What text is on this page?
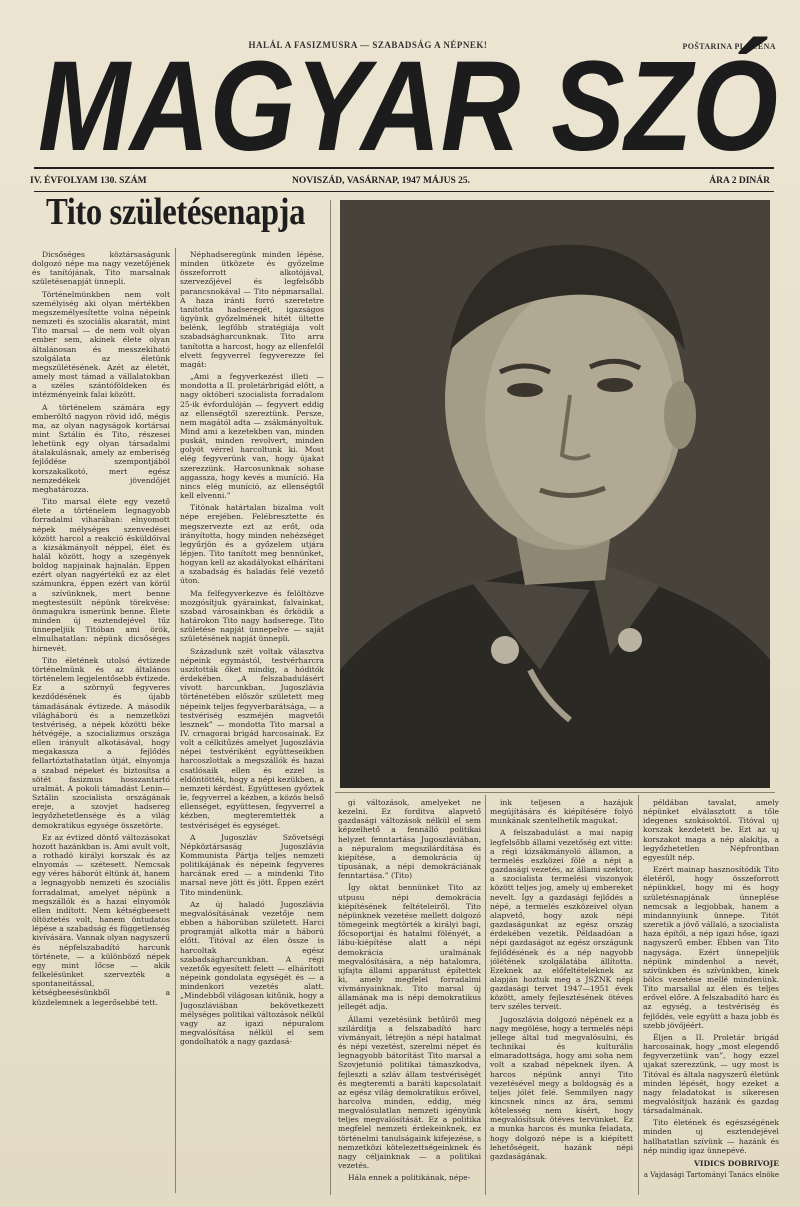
HALÁL A FASIZMUSRA — SZABADSÁG A NÉPNEK!	POŠTARINA PLAĆENA
MAGYAR SZÓ
IV. ÉVFOLYAM 130. SZÁM	NOVISZÁD, VASÁRNAP, 1947 MÁJUS 25.	ÁRA 2 DINÁR
Tito születésenapja

Dicsőséges köztársaságunk dolgozó népe ma nagy vezetőjének és tanítójának, Tito marsalnak születésenapját ünnepli.

Történelmünkben nem volt személyiség aki olyan mértékben megszemélyesítette volna népeink nemzeti és szociális akaratát, mint Tito marsal — de nem volt olyan ember sem, akinek élete olyan általánosan és messzekiható szolgálata az életünk megszülétésének. Azét az életét, amely most támad a vállalatokban a széles szántóföldeken és intézményeink falai között.

A történelem számára egy emberöltő nagyon rövid idő, mégis ma, az olyan nagyságok kortársai mint Sztálin és Tito, részesei lehetünk egy olyan társadalmi átalakulásnak, amely az emberiség fejlődése szempontjából korszakalkotó, mert egész nemzedékek jövendőjét meghatározza.

Tito marsal élete egy vezető élete a történelem legnagyobb forradalmi viharában: elnyomott népek mélységes szenvedései között harcol a reakció ésküldőival a kizsákmányolt néppel, élet és halál között, hogy a szegények boldog napjainak hajnalán. Eppen ezért olyan nagyértékű ez az élet számunkra, éppen ezért van körül a szívünknek, mert benne megtestesült népünk törekvése: önmagukra ismerünk benne. Élete minden új esztendejével tűz ünnepeljük Titóban ami örök, elmulhatatlan: népünk dicsőséges hirnevét.

Tito életének utolsó évtizede történelmünk és az általános történelem legjelentősebb évtizede. Ez a szörnyű fegyveres kezdődésének és újabb támadásának évtizede. A második világháború és a nemzetközi testvériség, a népek közötti béke hétvégéje, a szocializmus országa ellen irányult alkotásával, hogy megakassza a fejlődés fellartóztathatatlan útját, elnyomja a szabad népeket és biztosítsa a sötét fasizmus hosszantartó uralmát. A pokoli támadást Lenin—Sztálin szocialista országának ereje, a szovjet hadsereg legyőzhetetlensége és a világ demokratikus egysége összetörte.

Ez az évtized döntő változásokat hozott hazánkban is. Ami avult volt, a rothadó királyi korszak és az elnyomás — szétesett. Nemcsak egy véres háborút éltünk át, hanem a legnagyobb nemzeti és szociális forradalmat, amelyet népünk a megszállók és a hazai elnyomók ellen indított. Nem kétségbeesett öltöztetés volt, hanem öntudatos lépése a szabadság és függetlenség kivívására. Vannak olyan nagyszerű és népfelszabadító harcunk története, — a különböző népek egy mint lőcse — akik felkelésünket szervezték a spontaneitással, kétségbeesésünkből a küzdelemnek a legerősebbé tett.

Néphadseregünk minden lépése, minden ütközete és győzelme összeforrott alkotójával, szervezőjével és legfelsőbb parancsnokával — Tito népmarsallal. A haza iránti forró szeretetre tanította hadseregét, igazságos ügyünk győzelmének hitét ültette belénk, legfőbb stratégiája volt szabadságharcunknak. Tito arra tanította a harcost, hogy az ellenfelől elvett fegyverrel fegyverezze fel magát:

„Ami a fegyverkezést illeti — mondotta a II. proletárbrigád előtt, a nagy októberi szocialista forradalom 25-ik évfordulóján — fegyvert eddig az ellenségtől szereztünk. Persze, nem magától adta — zsákmányoltuk. Mind ami a kezetekben van, minden puskát, minden revolvert, minden golyót vérrel harcoltunk ki. Most elég fegyverünk van, hogy újakat szerezzünk. Harcosunknak sohase aggassza, hogy kevés a muníció. Ha nincs elég muníció, az ellenségtől kell elvenni.”

Titónak határtalan bizalma volt népe erejében. Felébresztette és megszervezte ezt az erőt, oda irányította, hogy minden nehézséget legyűrjön és a győzelem utjára lépjen. Tito tanított meg bennünket, hogyan kell az akadályokat elhárítani a szabadság és haladás felé vezető úton.

Ma felfegyverkezve és felöltözve mozgósítjuk gyárainkat, falvainkat, szabad városainkban és őrködik a határokon Tito nagy hadserege. Tito születése napját ünnepelve — saját születésének napját ünnepli.

Századunk szét voltak választva népeink egymástól, testvérharcra uszították őket mindig, a hóditók érdekében. „A felszabadulásért vívott harcunkban, Jugoszlávia történetében először született meg népeink teljes fegyverbarátsága, — a testvériség eszméjén magvetői lesznek” — mondotta Tito marsal a IV. crnagorai brigád harcosainak. Ez volt a célkitűzés amelyet Jugoszlávia népei testvériként együtteseikben harcoszlottak a megszállók és hazai csatlósaik ellen és ezzel is eldöntötték, hogy a népi kezükben, a nemzeti kérdést. Együttesen győztek le, fegyverrel a kézben, a közös belső ellenséget, együttesen, fegyverrel a kézben, megteremtették a testvériséget és egységet.

A Jugoszláv Szövetségi Népköztársaság Jugoszlávia Kommunista Pártja teljes nemzeti politikájának és népeink fegyveres harcának ered — a mindenki Tito marsal neve jött és jött. Éppen ezért Tito mindenünk.

Az új haladó Jugoszlávia megvalósításának vezetője nem ebben a háborúban született. Harci programját alkotta már a háború előtt. Titóval az élen össze is harcoltak egész szabadságharcunkban. A régi vezetők egyesített felett — elhárított népeink gondolata egységét és — a mindenkori vezetés alatt. „Mindebből világosan kitűnik, hogy a Jugoszláviában bekövetkezett mélységes politikai változások nélkül vagy az igazi népuralom megvalósítása nélkül el sem gondolhatók a nagy gazdasá-

gi változások, amelyeket ne kezelni. Ez forditva alapvető gazdasági változások nélkül el sem képzelhető a fennálló politikai helyzet fenntartása Jugoszláviában, a népuralom megszilárdítása és kiépítése, a demokrácia új típusának, a népi demokráciának fenntartása.” (Tito)

Így oktat bennünket Tito az utpusu népi demokrácia kiépítésének feltételeiről. Tito népünknek vezetése mellett dolgozó tömegeink megtörték a királyi bagi, főcsoportjai és hatalmi fölényét, a lábu-kiépítése alatt a népi demokrácia uralmának megvalósítására, a nép hatalomra, ujfajta állami apparátust építettek ki, amely megfelel forradalmi vívmányainknak. Tito marsal új államának ma is népi demokratikus jellegét adja.

Állami vezetésünk betűiről meg szilárdítja a felszabadító harc vívmányait, létrejön a népi hatalmat és népi vezetést, szerelmi népet és legnagyobb bátorítást Tito marsal a Szovjetunió politikai támaszkodva, fejleszti a szláv állam testvériségét és megteremti a baráti kapcsolatait az egész világ demokratikus erőivel, harcolva minden, eddig, még megvalósulatlan nemzeti igényünk teljes megvalósítását. Ez a politika megfelel nemzeti érdekeinknek, ez történelmi tanulságaink kifejezése, s nemzetközi kötelezettségeinknek és nagy céljainknak — a politikai vezetés.

Hála ennek a politikának, népe-

ink teljesen a hazájuk megújítására és kiépítésére folyó munkának szentelhetik magukat.

A felszabadulást a mai napig legfelsőbb állami vezetőség ezt vitte: a régi kizsákmányoló államon, a termelés eszközei fölé a népi a gazdasági vezetés, az állami szektor, a szocialista termelési viszonyok között teljes jog, amely uj embereket nevelt. Így a gazdasági fejlődés a népé, a termelés eszközeivel olyan alapvető, hogy azok népi gazdaságunkat az egész ország érdekében vezetik. Példaadóan a népi gazdaságot az egész országunk fejlődésének és a nép nagyobb jólétének szolgálatába állította. Ezeknek az előfeltételeknek az alapján hoztuk meg a JSZNK népi gazdasági tervet 1947—1951 évek között, amely fejlesztésének ötéves terv széles terveit.

Jugoszlávia dolgozó népének ez a nagy megölése, hogy a termelés népi jellege által tud megvalósulni, és technikai és kulturális elmaradottsága, hogy ami soha nem volt a szabad népeknek ilyen. A harcos népünk annyi Tito vezetésével megy a boldogság és a teljes jólét felé. Semmilyen nagy kincsnek nincs az ára, semmi kötelesség nem kísért, hogy megvalósítsuk ötéves tervünket. Ez a munka harcos és munka feladata, hogy dolgozó népe is a kiépített lehetőségeit, hazánk népi gazdaságának.

példában tavalat, amely népünket elválasztott a tőle idegenes szokásoktól. Titóval uj korszak kezdetett be. Ezt az uj korszakot maga a nép alakítja, a legyőzhetetlen Népfrontban egyesült nép.

Ezért mainap hasznosítódik Tito életéről, hogy összeforrott népünkkel, hogy mi és hogy születésnapjának ünneplése nemcsak a legjobbak, hanem a mindannyiunk ünnepe. Titót szeretik a jövő vállaló, a szocialista haza építői, a nép igazi hőse, igazi nagyszerű ember. Ebben van Tito nagysága. Ezért ünnepeljük népünk mindenhol a nevét, szívünkben és szívünkben, kinek bölcs vezetése mellé mindenünk. Tito marsallal az élen és teljes erővel előre. A felszabadító harc és az egység, a testvériség és fejlődés, vele együtt a haza jobb és szebb jövőjéért.

Éljen a II. Proletár brigád harcosainak, hogy „most elegendő fegyverzetünk van”, hogy ezzel ujakat szerezzünk, — ugy most is Titóval és általa nagyszerű életünk minden lépését, hogy ezeket a nagy feladatokat is sikeresen megvalósítjuk hazánk és gazdag társadalmának.

Tito életének és egészségének minden uj esztendejével hallhatatlan szívünk — hazánk és nép mindig igaz ünnepévé.

VIDICS DOBRIVOJE

a Vajdasági Tartományi Tanács elnöke
